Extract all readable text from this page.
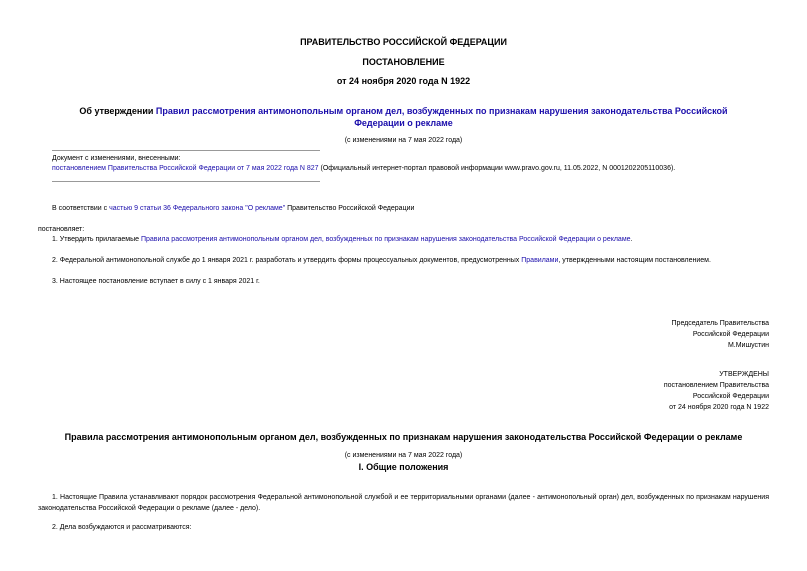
ПРАВИТЕЛЬСТВО РОССИЙСКОЙ ФЕДЕРАЦИИ
ПОСТАНОВЛЕНИЕ
от 24 ноября 2020 года N 1922
Об утверждении Правил рассмотрения антимонопольным органом дел, возбужденных по признакам нарушения законодательства Российской Федерации о рекламе
(с изменениями на 7 мая 2022 года)
Документ с изменениями, внесенными:
постановлением Правительства Российской Федерации от 7 мая 2022 года N 827 (Официальный интернет-портал правовой информации www.pravo.gov.ru, 11.05.2022, N 0001202205110036).
В соответствии с частью 9 статьи 36 Федерального закона "О рекламе" Правительство Российской Федерации
постановляет:
1. Утвердить прилагаемые Правила рассмотрения антимонопольным органом дел, возбужденных по признакам нарушения законодательства Российской Федерации о рекламе.
2. Федеральной антимонопольной службе до 1 января 2021 г. разработать и утвердить формы процессуальных документов, предусмотренных Правилами, утвержденными настоящим постановлением.
3. Настоящее постановление вступает в силу с 1 января 2021 г.
Председатель Правительства
Российской Федерации
М.Мишустин
УТВЕРЖДЕНЫ
постановлением Правительства
Российской Федерации
от 24 ноября 2020 года N 1922
Правила рассмотрения антимонопольным органом дел, возбужденных по признакам нарушения законодательства Российской Федерации о рекламе
(с изменениями на 7 мая 2022 года)
I. Общие положения
1. Настоящие Правила устанавливают порядок рассмотрения Федеральной антимонопольной службой и ее территориальными органами (далее - антимонопольный орган) дел, возбужденных по признакам нарушения законодательства Российской Федерации о рекламе (далее - дело).
2. Дела возбуждаются и рассматриваются:
